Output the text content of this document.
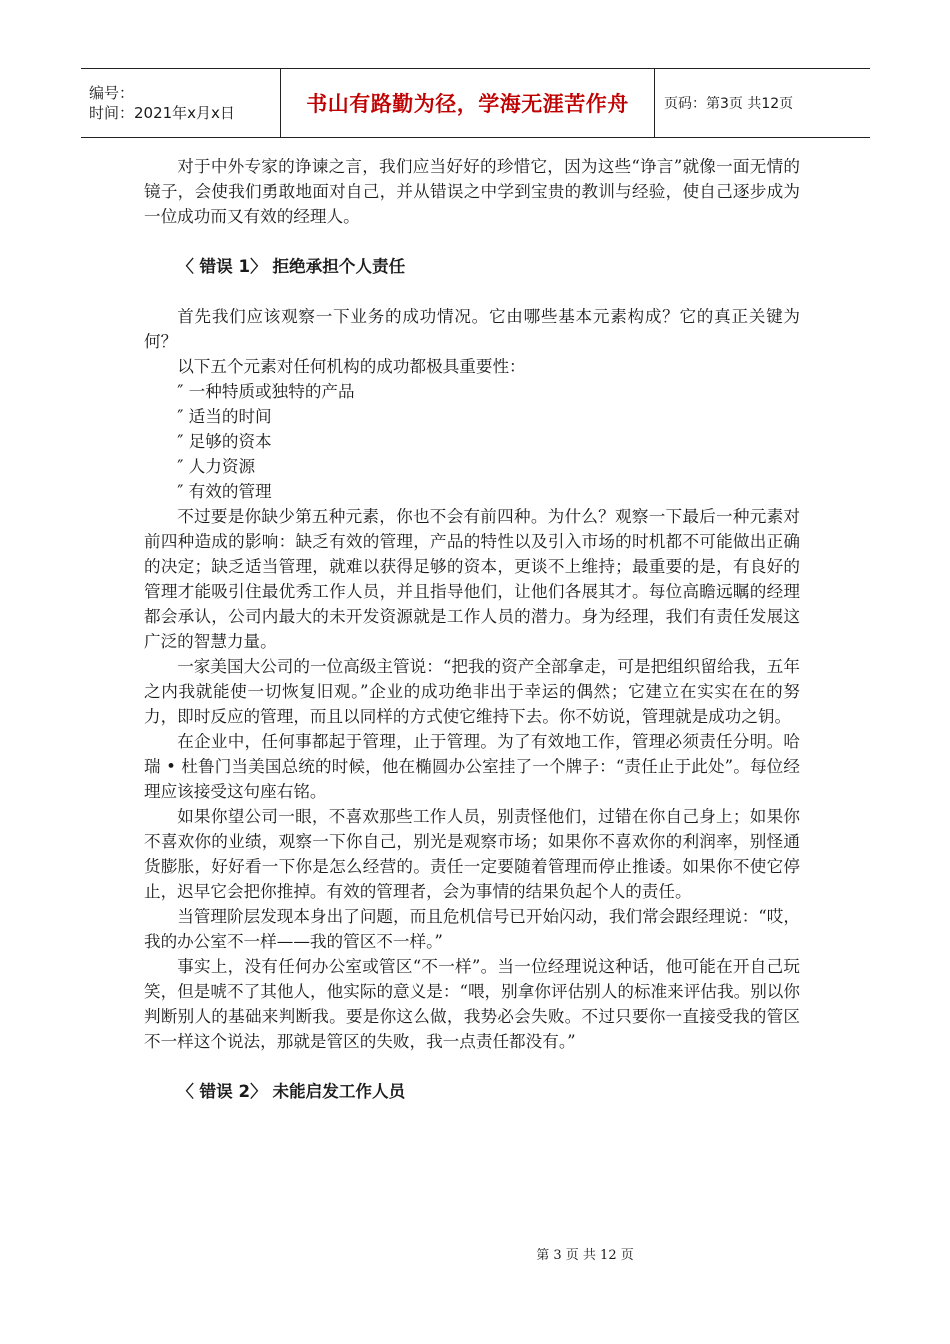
编号：
时间：2021年x月x日	书山有路勤为径，学海无涯苦作舟	页码：第3页 共12页

对于中外专家的诤谏之言，我们应当好好的珍惜它，因为这些“诤言”就像一面无情的镜子，会使我们勇敢地面对自己，并从错误之中学到宝贵的教训与经验，使自己逐步成为一位成功而又有效的经理人。

〈 错误 1〉 拒绝承担个人责任

首先我们应该观察一下业务的成功情况。它由哪些基本元素构成？它的真正关键为何？

以下五个元素对任何机构的成功都极具重要性：

″ 一种特质或独特的产品

″ 适当的时间

″ 足够的资本

″ 人力资源

″ 有效的管理

不过要是你缺少第五种元素，你也不会有前四种。为什么？观察一下最后一种元素对前四种造成的影响：缺乏有效的管理，产品的特性以及引入市场的时机都不可能做出正确的决定；缺乏适当管理，就难以获得足够的资本，更谈不上维持；最重要的是，有良好的管理才能吸引住最优秀工作人员，并且指导他们，让他们各展其才。每位高瞻远瞩的经理都会承认，公司内最大的未开发资源就是工作人员的潜力。身为经理，我们有责任发展这广泛的智慧力量。

一家美国大公司的一位高级主管说：“把我的资产全部拿走，可是把组织留给我，五年之内我就能使一切恢复旧观。”企业的成功绝非出于幸运的偶然；它建立在实实在在的努力，即时反应的管理，而且以同样的方式使它维持下去。你不妨说，管理就是成功之钥。

在企业中，任何事都起于管理，止于管理。为了有效地工作，管理必须责任分明。哈瑞 • 杜鲁门当美国总统的时候，他在椭圆办公室挂了一个牌子：“责任止于此处”。每位经理应该接受这句座右铭。

如果你望公司一眼，不喜欢那些工作人员，别责怪他们，过错在你自己身上；如果你不喜欢你的业绩，观察一下你自己，别光是观察市场；如果你不喜欢你的利润率，别怪通货膨胀，好好看一下你是怎么经营的。责任一定要随着管理而停止推诿。如果你不使它停止，迟早它会把你推掉。有效的管理者，会为事情的结果负起个人的责任。

当管理阶层发现本身出了问题，而且危机信号已开始闪动，我们常会跟经理说：“哎，我的办公室不一样——我的管区不一样。”

事实上，没有任何办公室或管区“不一样”。当一位经理说这种话，他可能在开自己玩笑，但是唬不了其他人，他实际的意义是：“喂，别拿你评估别人的标准来评估我。别以你判断别人的基础来判断我。要是你这么做，我势必会失败。不过只要你一直接受我的管区不一样这个说法，那就是管区的失败，我一点责任都没有。”

〈 错误 2〉 未能启发工作人员
第 3 页 共 12 页
